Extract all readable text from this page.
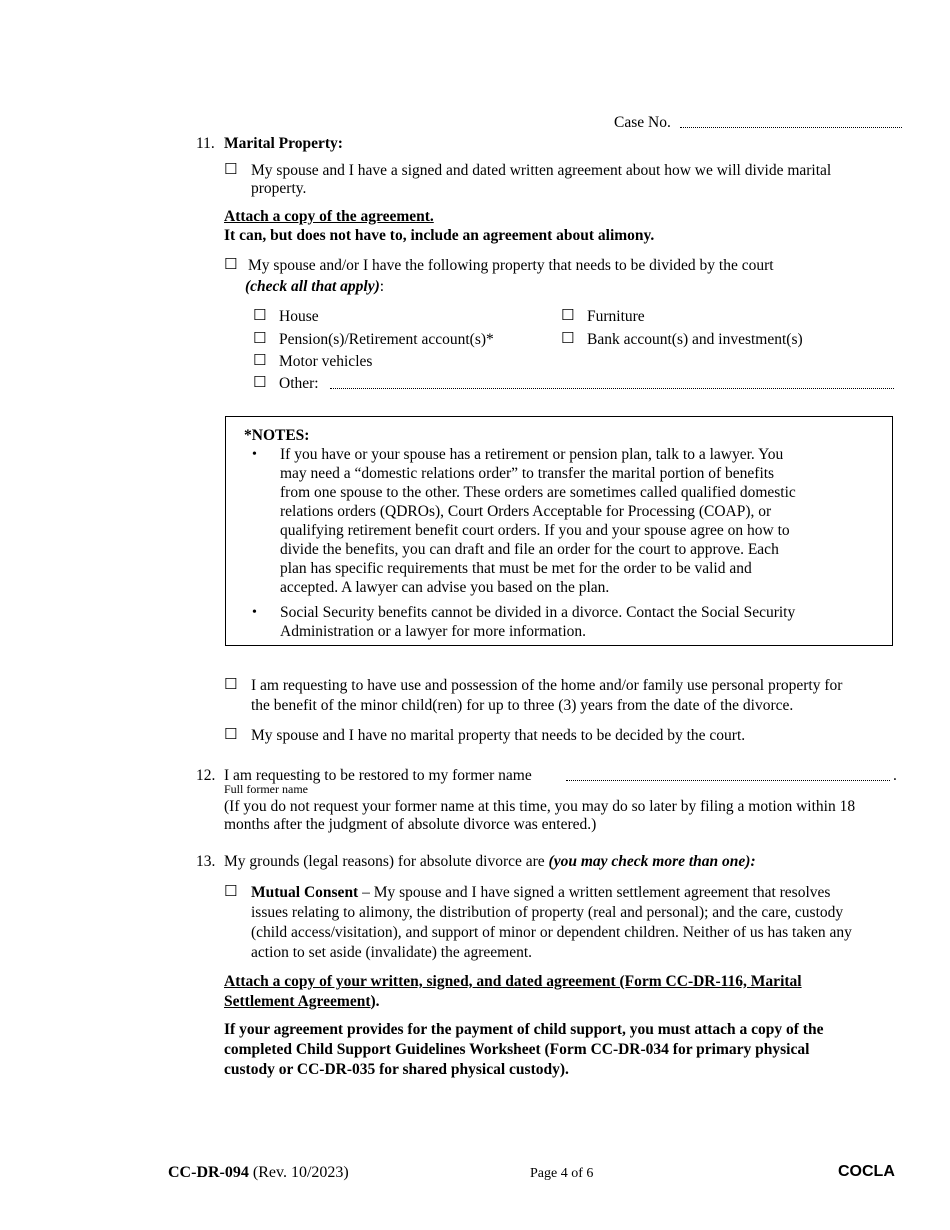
Case No.
11. Marital Property:
☐ My spouse and I have a signed and dated written agreement about how we will divide marital
property.
Attach a copy of the agreement.
It can, but does not have to, include an agreement about alimony.
☐ My spouse and/or I have the following property that needs to be divided by the court
(check all that apply):
☐ House	☐ Furniture
☐ Pension(s)/Retirement account(s)*	☐ Bank account(s) and investment(s)
☐ Motor vehicles
☐ Other:
*NOTES:
• If you have or your spouse has a retirement or pension plan, talk to a lawyer. You
may need a “domestic relations order” to transfer the marital portion of benefits
from one spouse to the other. These orders are sometimes called qualified domestic
relations orders (QDROs), Court Orders Acceptable for Processing (COAP), or
qualifying retirement benefit court orders. If you and your spouse agree on how to
divide the benefits, you can draft and file an order for the court to approve. Each
plan has specific requirements that must be met for the order to be valid and
accepted. A lawyer can advise you based on the plan.
• Social Security benefits cannot be divided in a divorce. Contact the Social Security
Administration or a lawyer for more information.
☐ I am requesting to have use and possession of the home and/or family use personal property for
the benefit of the minor child(ren) for up to three (3) years from the date of the divorce.
☐ My spouse and I have no marital property that needs to be decided by the court.
12. I am requesting to be restored to my former name	.
Full former name
(If you do not request your former name at this time, you may do so later by filing a motion within 18
months after the judgment of absolute divorce was entered.)
13. My grounds (legal reasons) for absolute divorce are (you may check more than one):
☐ Mutual Consent – My spouse and I have signed a written settlement agreement that resolves
issues relating to alimony, the distribution of property (real and personal); and the care, custody
(child access/visitation), and support of minor or dependent children. Neither of us has taken any
action to set aside (invalidate) the agreement.
Attach a copy of your written, signed, and dated agreement (Form CC-DR-116, Marital
Settlement Agreement).
If your agreement provides for the payment of child support, you must attach a copy of the
completed Child Support Guidelines Worksheet (Form CC-DR-034 for primary physical
custody or CC-DR-035 for shared physical custody).
CC-DR-094 (Rev. 10/2023)	Page 4 of 6	COCLA
